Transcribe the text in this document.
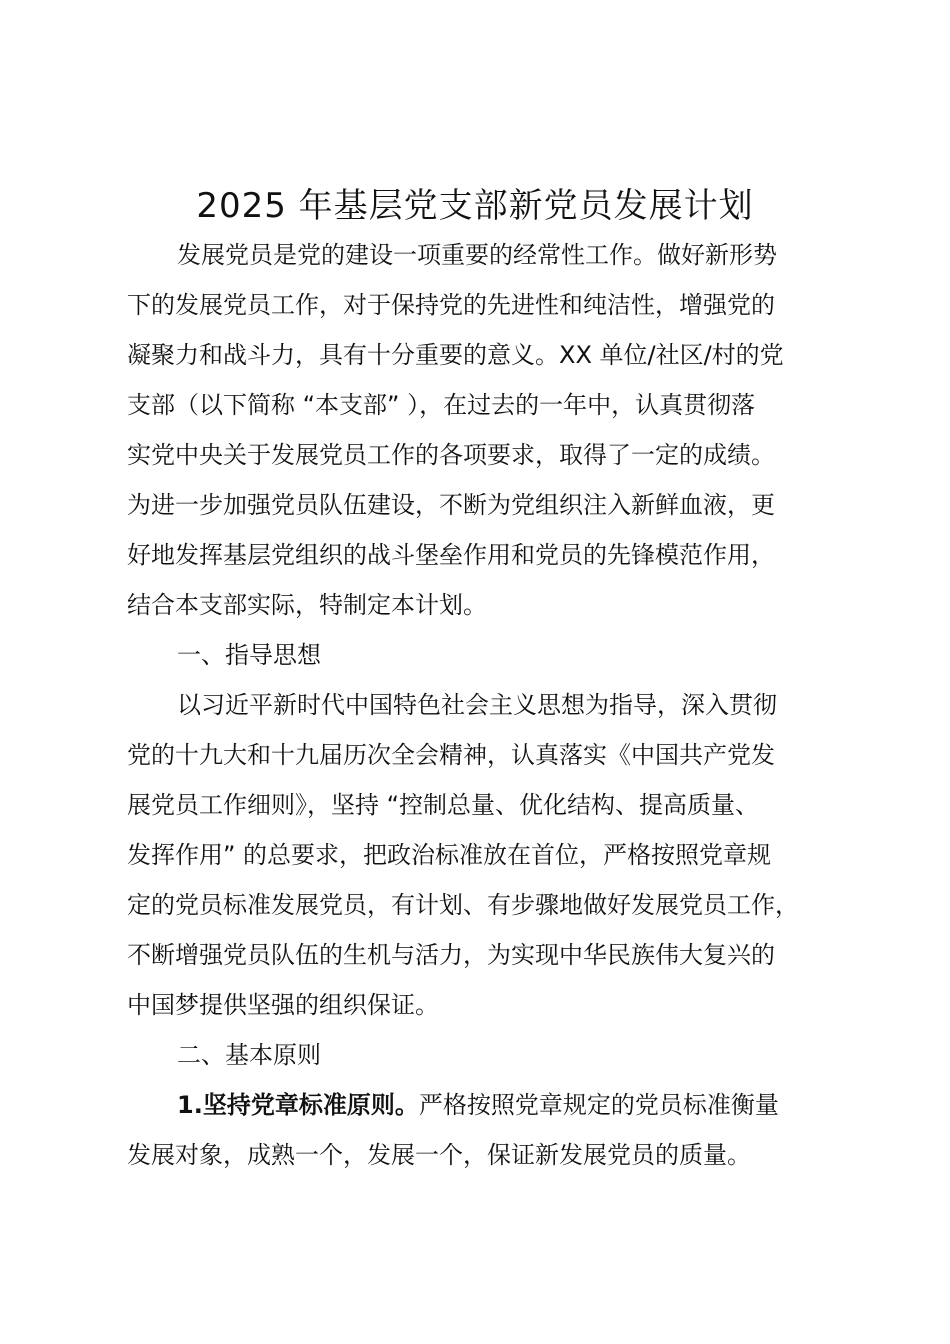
2025 年基层党支部新党员发展计划
发展党员是党的建设一项重要的经常性工作。做好新形势
下的发展党员工作，对于保持党的先进性和纯洁性，增强党的
凝聚力和战斗力，具有十分重要的意义。XX 单位/社区/村的党
支部（以下简称 “本支部” ），在过去的一年中，认真贯彻落
实党中央关于发展党员工作的各项要求，取得了一定的成绩。
为进一步加强党员队伍建设，不断为党组织注入新鲜血液，更
好地发挥基层党组织的战斗堡垒作用和党员的先锋模范作用，
结合本支部实际，特制定本计划。
一、指导思想
以习近平新时代中国特色社会主义思想为指导，深入贯彻
党的十九大和十九届历次全会精神，认真落实《中国共产党发
展党员工作细则》，坚持 “控制总量、优化结构、提高质量、
发挥作用” 的总要求，把政治标准放在首位，严格按照党章规
定的党员标准发展党员，有计划、有步骤地做好发展党员工作，
不断增强党员队伍的生机与活力，为实现中华民族伟大复兴的
中国梦提供坚强的组织保证。
二、基本原则
1.坚持党章标准原则。严格按照党章规定的党员标准衡量
发展对象，成熟一个，发展一个，保证新发展党员的质量。
